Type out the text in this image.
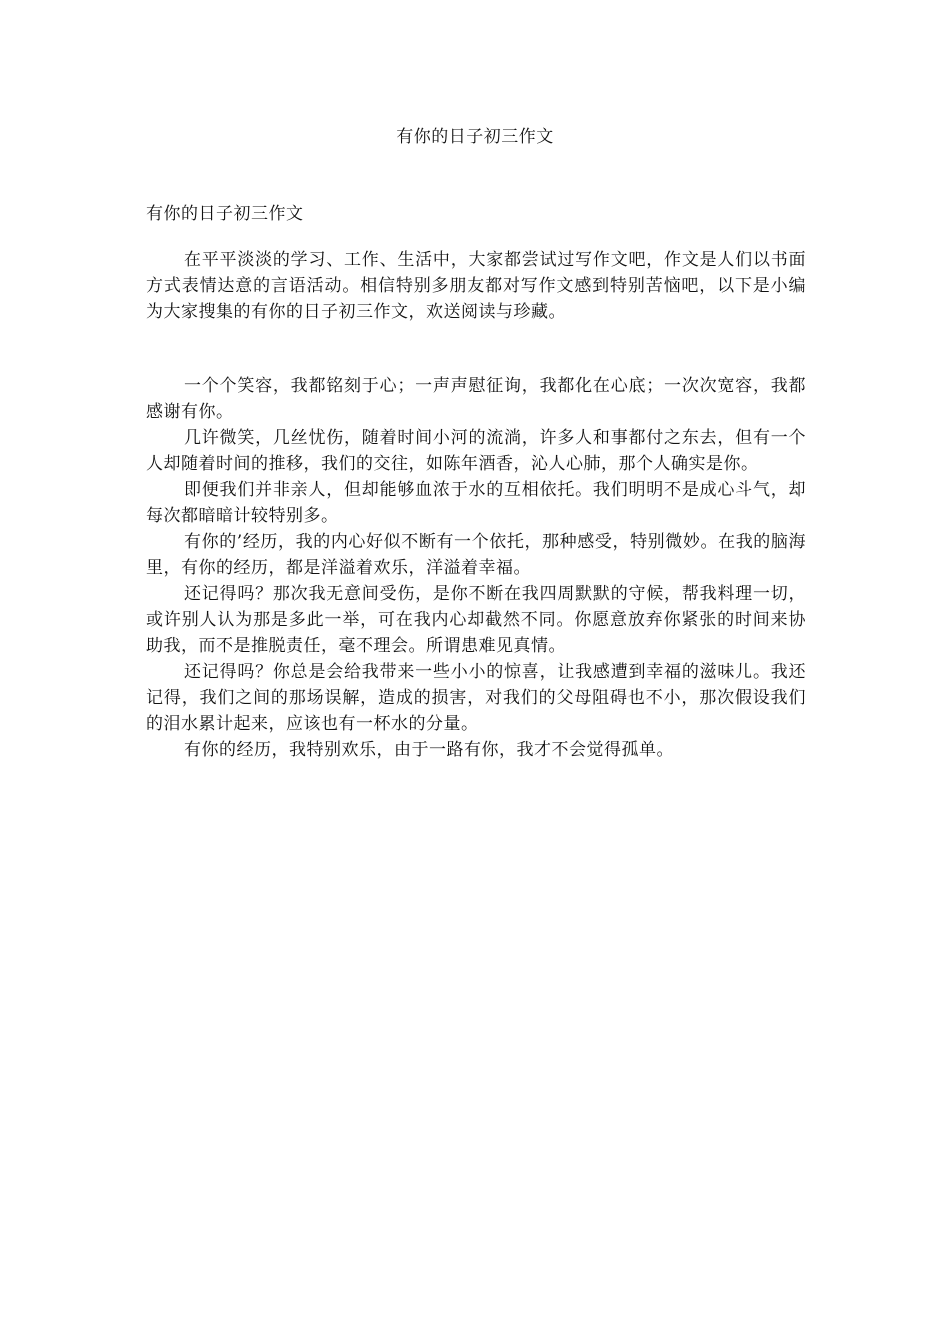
有你的日子初三作文
有你的日子初三作文

在平平淡淡的学习、工作、生活中，大家都尝试过写作文吧，作文是人们以书面方式表情达意的言语活动。相信特别多朋友都对写作文感到特别苦恼吧，以下是小编为大家搜集的有你的日子初三作文，欢送阅读与珍藏。

一个个笑容，我都铭刻于心；一声声慰征询，我都化在心底；一次次宽容，我都感谢有你。

几许微笑，几丝忧伤，随着时间小河的流淌，许多人和事都付之东去，但有一个人却随着时间的推移，我们的交往，如陈年酒香，沁人心肺，那个人确实是你。

即便我们并非亲人，但却能够血浓于水的互相依托。我们明明不是成心斗气，却每次都暗暗计较特别多。

有你的’经历，我的内心好似不断有一个依托，那种感受，特别微妙。在我的脑海里，有你的经历，都是洋溢着欢乐，洋溢着幸福。

还记得吗？那次我无意间受伤，是你不断在我四周默默的守候，帮我料理一切，或许别人认为那是多此一举，可在我内心却截然不同。你愿意放弃你紧张的时间来协助我，而不是推脱责任，毫不理会。所谓患难见真情。

还记得吗？你总是会给我带来一些小小的惊喜，让我感遭到幸福的滋味儿。我还记得，我们之间的那场误解，造成的损害，对我们的父母阻碍也不小，那次假设我们的泪水累计起来，应该也有一杯水的分量。

有你的经历，我特别欢乐，由于一路有你，我才不会觉得孤单。
